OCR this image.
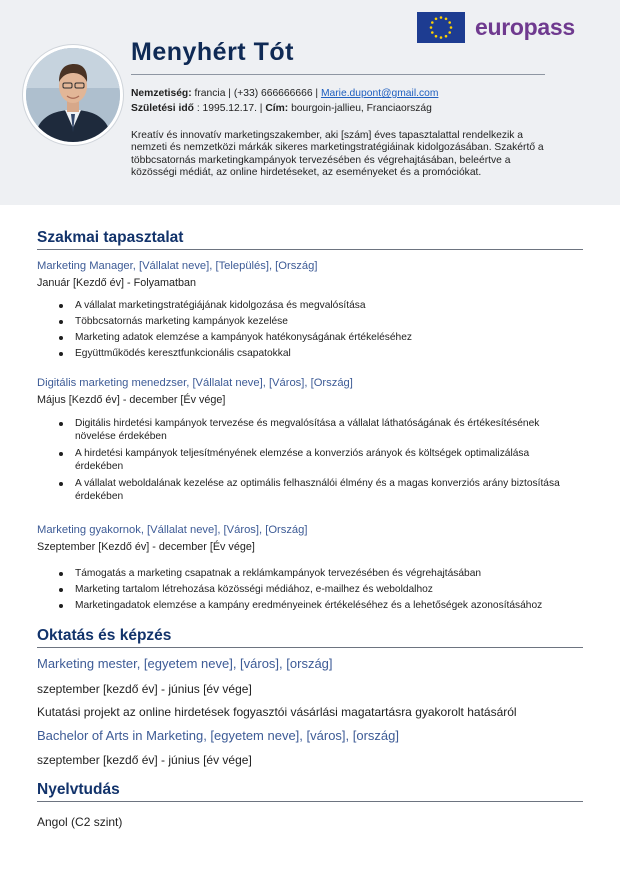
Menyhért Tót
europass
Nemzetiség: francia | (+33) 666666666 | Marie.dupont@gmail.com
Születési idő : 1995.12.17. | Cím: bourgoin-jallieu, Franciaország
Kreatív és innovatív marketingszakember, aki [szám] éves tapasztalattal rendelkezik a nemzeti és nemzetközi márkák sikeres marketingstratégiáinak kidolgozásában. Szakértő a többcsatornás marketingkampányok tervezésében és végrehajtásában, beleértve a közösségi médiát, az online hirdetéseket, az eseményeket és a promóciókat.
Szakmai tapasztalat
Marketing Manager, [Vállalat neve], [Település], [Ország]
Január [Kezdő év] - Folyamatban
A vállalat marketingstratégiájának kidolgozása és megvalósítása
Többcsatornás marketing kampányok kezelése
Marketing adatok elemzése a kampányok hatékonyságának értékeléséhez
Együttműködés keresztfunkcionális csapatokkal
Digitális marketing menedzser, [Vállalat neve], [Város], [Ország]
Május [Kezdő év] - december [Év vége]
Digitális hirdetési kampányok tervezése és megvalósítása a vállalat láthatóságának és értékesítésének növelése érdekében
A hirdetési kampányok teljesítményének elemzése a konverziós arányok és költségek optimalizálása érdekében
A vállalat weboldalának kezelése az optimális felhasználói élmény és a magas konverziós arány biztosítása érdekében
Marketing gyakornok, [Vállalat neve], [Város], [Ország]
Szeptember [Kezdő év] - december [Év vége]
Támogatás a marketing csapatnak a reklámkampányok tervezésében és végrehajtásában
Marketing tartalom létrehozása közösségi médiához, e-mailhez és weboldalhoz
Marketingadatok elemzése a kampány eredményeinek értékeléséhez és a lehetőségek azonosításához
Oktatás és képzés
Marketing mester, [egyetem neve], [város], [ország]
szeptember [kezdő év] - június [év vége]
Kutatási projekt az online hirdetések fogyasztói vásárlási magatartásra gyakorolt hatásáról
Bachelor of Arts in Marketing, [egyetem neve], [város], [ország]
szeptember [kezdő év] - június [év vége]
Nyelvtudás
Angol (C2 szint)
